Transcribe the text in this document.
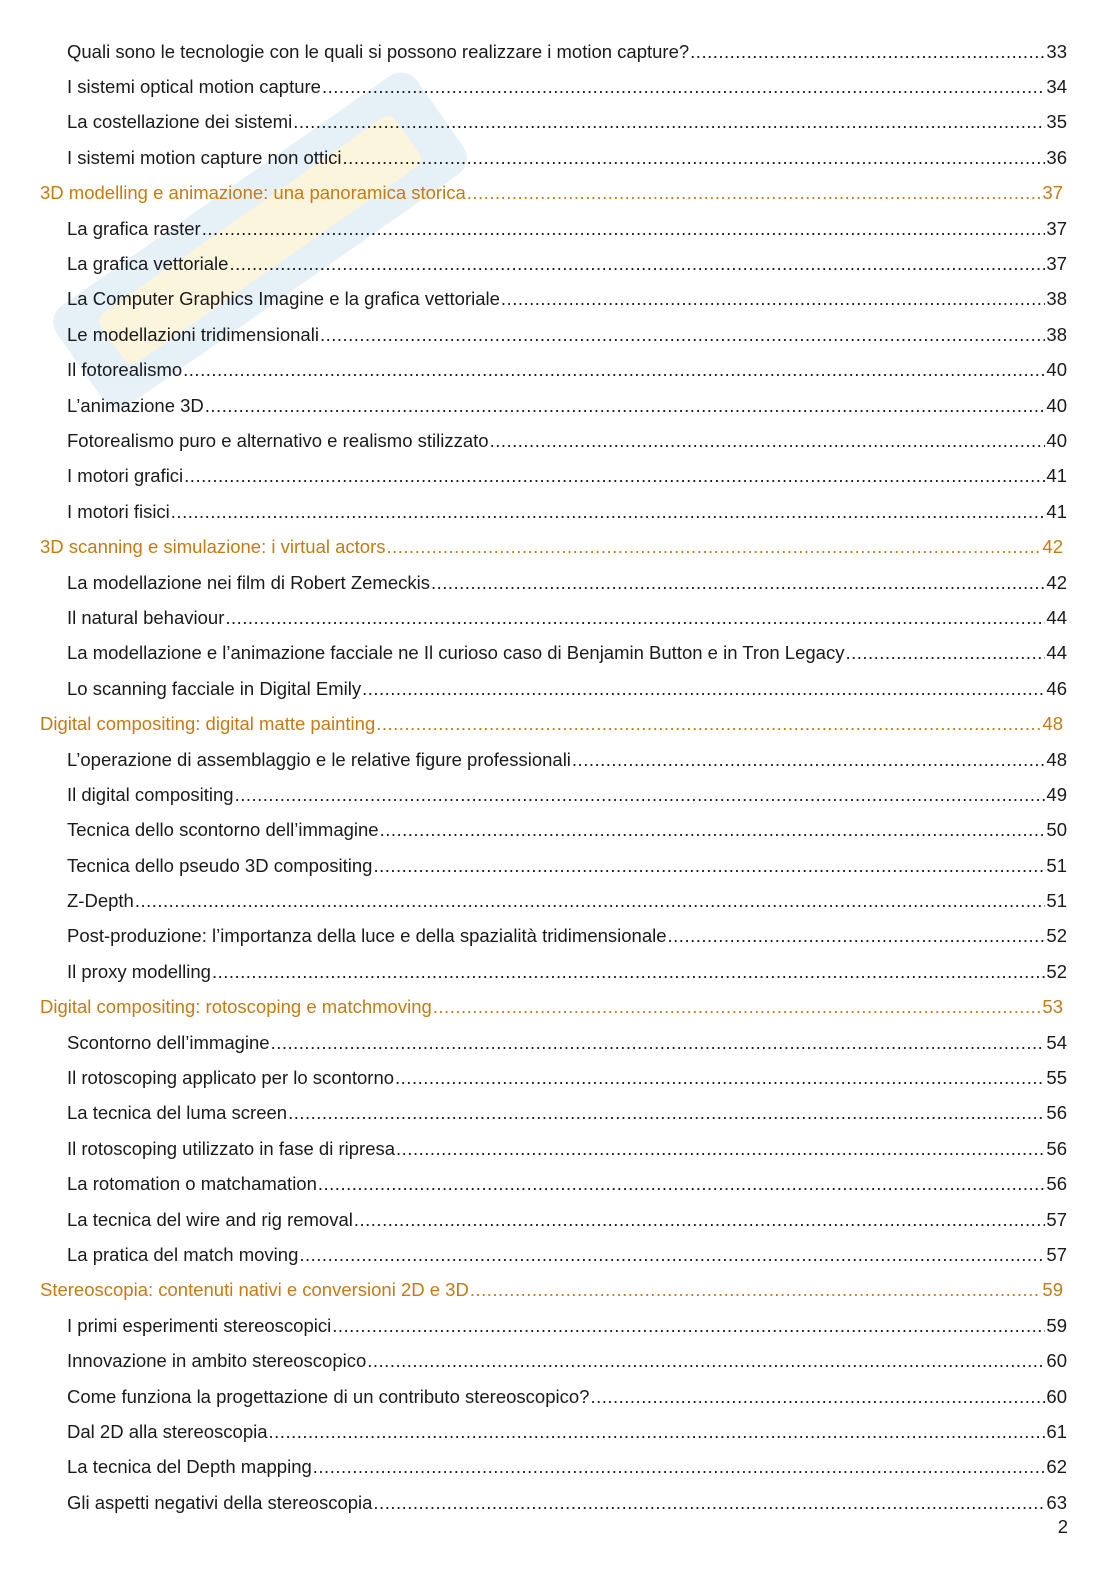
Quali sono le tecnologie con le quali si possono realizzare i motion capture? .....	33
I sistemi optical motion capture .....	34
La costellazione dei sistemi .....	35
I sistemi motion capture non ottici .....	36
3D modelling e animazione: una panoramica storica .....	37
La grafica raster .....	37
La grafica vettoriale .....	37
La Computer Graphics Imagine e la grafica vettoriale .....	38
Le modellazioni tridimensionali .....	38
Il fotorealismo .....	40
L’animazione 3D .....	40
Fotorealismo puro e alternativo e realismo stilizzato .....	40
I motori grafici .....	41
I motori fisici .....	41
3D scanning e simulazione: i virtual actors .....	42
La modellazione nei film di Robert Zemeckis .....	42
Il natural behaviour .....	44
La modellazione e l’animazione facciale ne Il curioso caso di Benjamin Button e in Tron Legacy .....	44
Lo scanning facciale in Digital Emily .....	46
Digital compositing: digital matte painting .....	48
L’operazione di assemblaggio e le relative figure professionali .....	48
Il digital compositing .....	49
Tecnica dello scontorno dell’immagine .....	50
Tecnica dello pseudo 3D compositing .....	51
Z-Depth .....	51
Post-produzione: l’importanza della luce e della spazialità tridimensionale .....	52
Il proxy modelling .....	52
Digital compositing: rotoscoping e matchmoving .....	53
Scontorno dell’immagine .....	54
Il rotoscoping applicato per lo scontorno .....	55
La tecnica del luma screen .....	56
Il rotoscoping utilizzato in fase di ripresa .....	56
La rotomation o matchamation .....	56
La tecnica del wire and rig removal .....	57
La pratica del match moving .....	57
Stereoscopia: contenuti nativi e conversioni 2D e 3D .....	59
I primi esperimenti stereoscopici .....	59
Innovazione in ambito stereoscopico .....	60
Come funziona la progettazione di un contributo stereoscopico? .....	60
Dal 2D alla stereoscopia .....	61
La tecnica del Depth mapping .....	62
Gli aspetti negativi della stereoscopia .....	63
2
